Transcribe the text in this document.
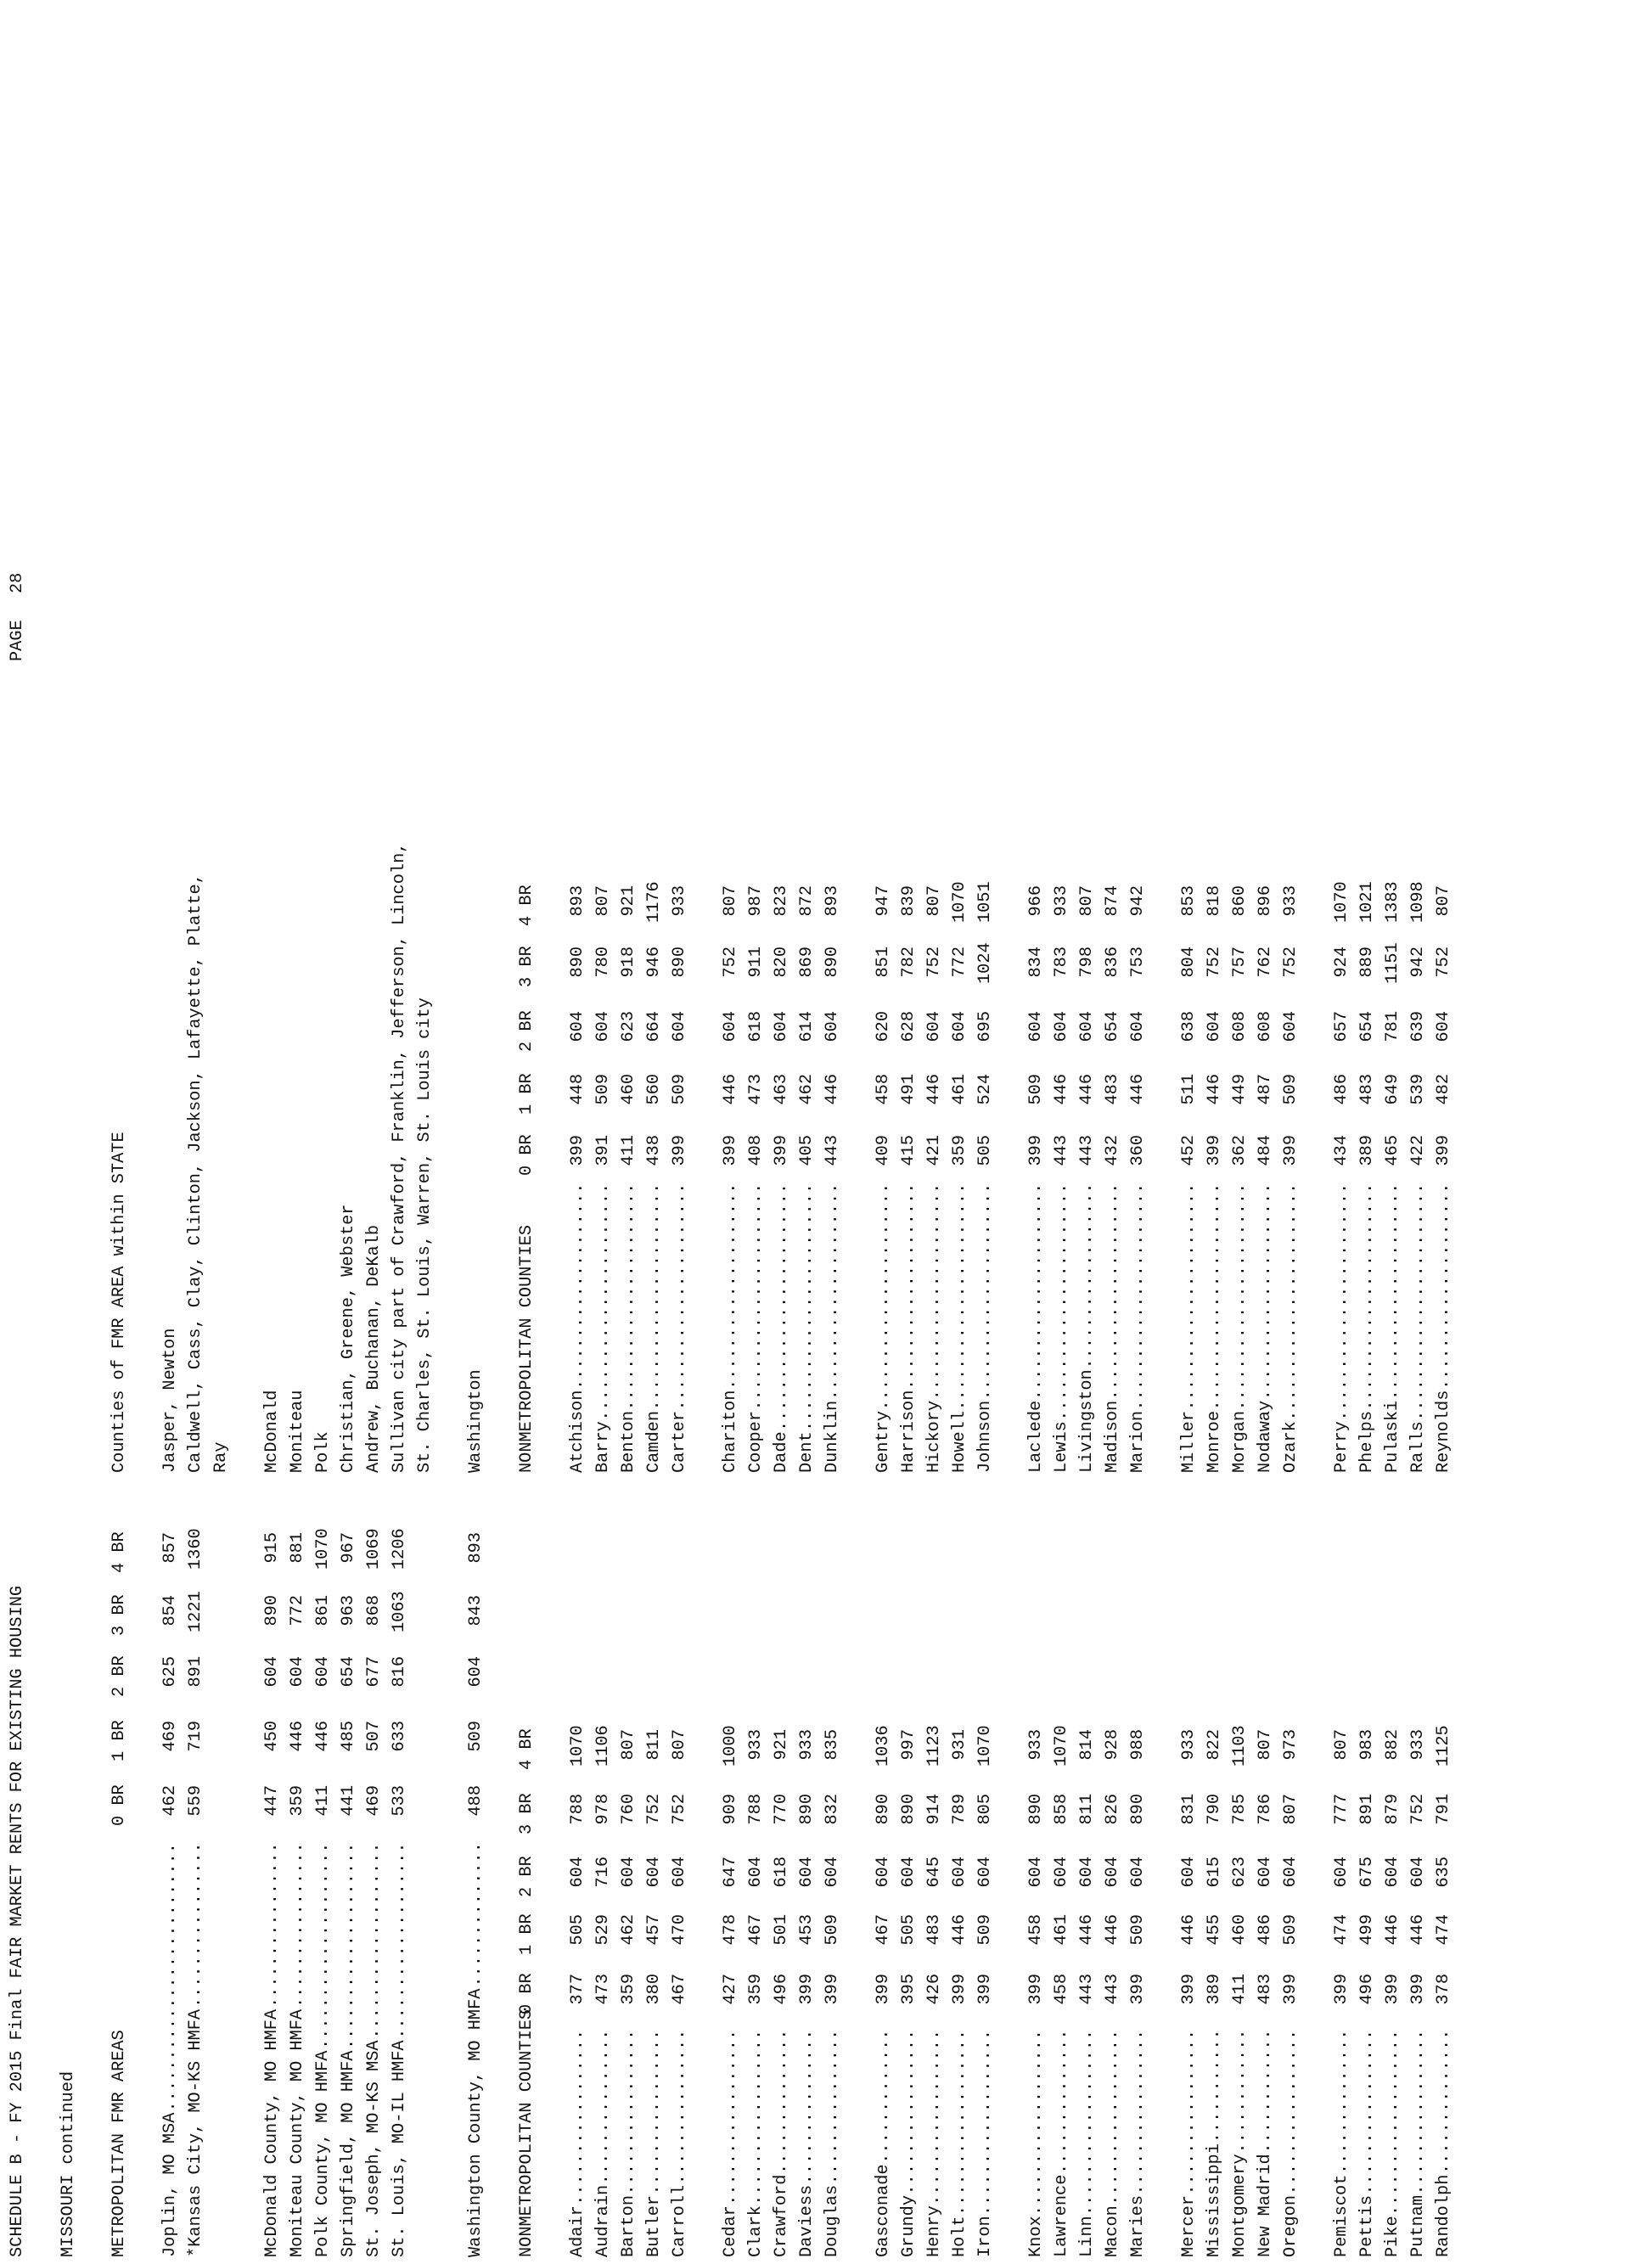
SCHEDULE B - FY 2015 Final FAIR MARKET RENTS FOR EXISTING HOUSING
PAGE
28
MISSOURI continued METROPOLITAN FMR AREAS
0 BR
1 BR
2 BR
3 BR
4 BR
Counties of FMR AREA within STATE
Joplin, MO MSA
..........................
462
469
625
854
857
Jasper, Newton
*Kansas City, MO-KS HMFA
................
559
719
891
1221
1360
Caldwell, Cass, Clay, Clinton, Jackson, Lafayette, Platte, Ray
McDonald County, MO HMFA
................
447
450
604
890
915
McDonald
Moniteau County, MO HMFA
................
359
446
604
772
881
Moniteau
Polk County, MO HMFA
....................
411
446
604
861
1070
Polk
Springfield, MO HMFA
....................
441
485
654
963
967
Christian, Greene, Webster
St. Joseph, MO-KS MSA
...................
469
507
677
868
1069
Andrew, Buchanan, DeKalb
St. Louis, MO-IL HMFA
...................
533
633
816
1063
1206
Sullivan city part of Crawford, Franklin, Jefferson, Lincoln, St. Charles, St. Louis, Warren, St. Louis city
Washington County, MO HMFA
..............
488
509
604
843
893
Washington
NONMETROPOLITAN COUNTIES
0 BR
1 BR
2 BR
3 BR
4 BR
NONMETROPOLITAN COUNTIES
0 BR
1 BR
2 BR
3 BR
4 BR
Adair
.................
377
505
604
788
1070
Atchison
....................
399
448
604
890
893
Audrain
...............
473
529
716
978
1106
Barry
.......................
391
509
604
780
807
Barton
................
359
462
604
760
807
Benton
......................
411
460
623
918
921
Butler
................
380
457
604
752
811
Camden
......................
438
560
664
946
1176
Carroll
...............
467
470
604
752
807
Carter
......................
399
509
604
890
933
Cedar
.................
427
478
647
909
1000
Chariton
....................
399
446
604
752
807
Clark
.................
359
467
604
788
933
Cooper
......................
408
473
618
911
987
Crawford
..............
496
501
618
770
921
Dade
........................
399
463
604
820
823
Daviess
...............
399
453
604
890
933
Dent
........................
405
462
614
869
872
Douglas
...............
399
509
604
832
835
Dunklin
.....................
443
446
604
890
893
Gasconade
.............
399
467
604
890
1036
Gentry
......................
409
458
620
851
947
Grundy
................
395
505
604
890
997
Harrison
....................
415
491
628
782
839
Henry
.................
426
483
645
914
1123
Hickory
.....................
421
446
604
752
807
Holt
..................
399
446
604
789
931
Howell
......................
359
461
604
772
1070
Iron
..................
399
509
604
805
1070
Johnson
.....................
505
524
695
1024
1051
Knox
..................
399
458
604
890
933
Laclede
.....................
399
509
604
834
966
Lawrence
..............
458
461
604
858
1070
Lewis
.......................
443
446
604
783
933
Linn
..................
443
446
604
811
814
Livingston
..................
443
446
604
798
807
Macon
.................
443
446
604
826
928
Madison
.....................
432
483
654
836
874
Maries
................
399
509
604
890
988
Marion
......................
360
446
604
753
942
Mercer
................
399
446
604
831
933
Miller
......................
452
511
638
804
853
Mississippi
...........
389
455
615
790
822
Monroe
......................
399
446
604
752
818
Montgomery
............
411
460
623
785
1103
Morgan
......................
362
449
608
757
860
New Madrid
............
483
486
604
786
807
Nodaway
.....................
484
487
608
762
896
Oregon
................
399
509
604
807
973
Ozark
.......................
399
509
604
752
933
Pemiscot
..............
399
474
604
777
807
Perry
.......................
434
486
657
924
1070
Pettis
................
496
499
675
891
983
Phelps
......................
389
483
654
889
1021
Pike
..................
399
446
604
879
882
Pulaski
.....................
465
649
781
1151
1383
Putnam
................
399
446
604
752
933
Ralls
.......................
422
539
639
942
1098
Randolph
..............
378
474
635
791
1125
Reynolds
....................
399
482
604
752
807
